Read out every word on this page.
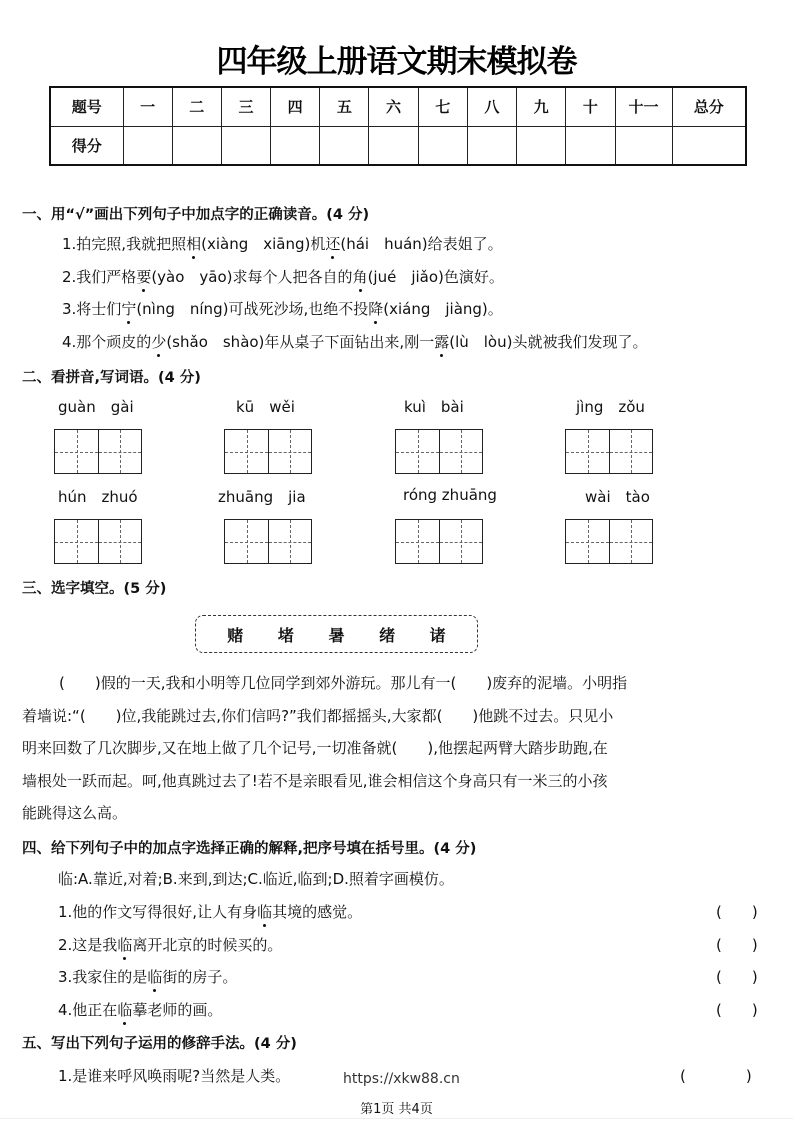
四年级上册语文期末模拟卷
题号	一	二	三	四	五	六	七	八	九	十	十一	总分
得分												
一、用“√”画出下列句子中加点字的正确读音。(4 分)
1.拍完照,我就把照相(xiàng　xiāng)机还(hái　huán)给表姐了。
2.我们严格要(yào　yāo)求每个人把各自的角(jué　jiǎo)色演好。
3.将士们宁(nìng　níng)可战死沙场,也绝不投降(xiáng　jiàng)。
4.那个顽皮的少(shǎo　shào)年从桌子下面钻出来,刚一露(lù　lòu)头就被我们发现了。
二、看拼音,写词语。(4 分)
guàn　gài	kū　wěi	kuì　bài	jìng　zǒu
hún　zhuó	zhuāng　jia	róng zhuāng	wài　tào
三、选字填空。(5 分)
赌 堵 暑 绪 诸
(　　)假的一天,我和小明等几位同学到郊外游玩。那儿有一(　　)废弃的泥墙。小明指
着墙说:“(　　)位,我能跳过去,你们信吗?”我们都摇摇头,大家都(　　)他跳不过去。只见小
明来回数了几次脚步,又在地上做了几个记号,一切准备就(　　),他摆起两臂大踏步助跑,在
墙根处一跃而起。呵,他真跳过去了!若不是亲眼看见,谁会相信这个身高只有一米三的小孩
能跳得这么高。
四、给下列句子中的加点字选择正确的解释,把序号填在括号里。(4 分)
临:A.靠近,对着;B.来到,到达;C.临近,临到;D.照着字画模仿。
1.他的作文写得很好,让人有身临其境的感觉。	(　　)
2.这是我临离开北京的时候买的。	(　　)
3.我家住的是临街的房子。	(　　)
4.他正在临摹老师的画。	(　　)
五、写出下列句子运用的修辞手法。(4 分)
1.是谁来呼风唤雨呢?当然是人类。	(　　　　)
https://xkw88.cn
第1页 共4页
